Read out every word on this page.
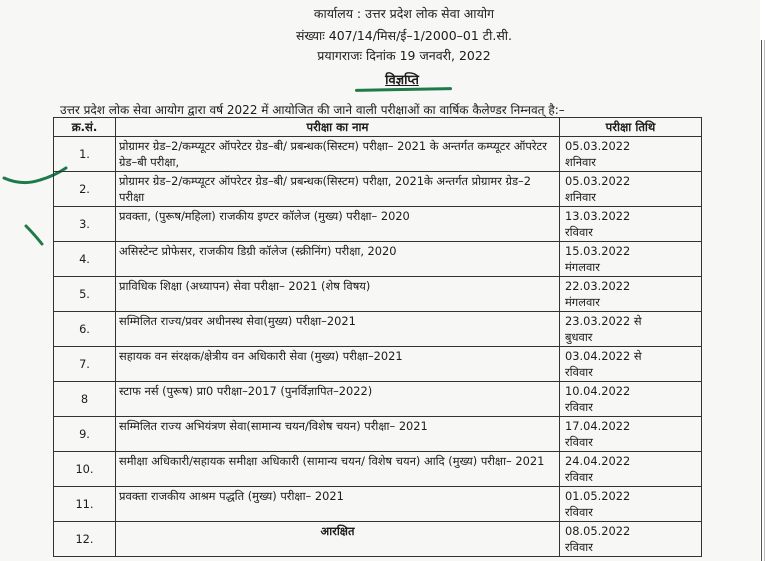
कार्यालय : उत्तर प्रदेश लोक सेवा आयोग
संख्याः 407/14/मिस/ई–1/2000–01 टी.सी.
प्रयागराजः दिनांक 19 जनवरी, 2022
विज्ञप्ति
उत्तर प्रदेश लोक सेवा आयोग द्वारा वर्ष 2022 में आयोजित की जाने वाली परीक्षाओं का वार्षिक कैलेण्डर निम्नवत् है:–
क्र.सं.	परीक्षा का नाम	परीक्षा तिथि
1.	प्रोग्रामर ग्रेड–2/कम्प्यूटर ऑपरेटर ग्रेड–बी/ प्रबन्धक(सिस्टम) परीक्षा– 2021 के अन्तर्गत कम्प्यूटर ऑपरेटर ग्रेड–बी परीक्षा,	05.03.2022
शनिवार

2.	प्रोग्रामर ग्रेड–2/कम्प्यूटर ऑपरेटर ग्रेड–बी/ प्रबन्धक(सिस्टम) परीक्षा, 2021के अन्तर्गत प्रोग्रामर ग्रेड–2 परीक्षा	05.03.2022
शनिवार

3.	प्रवक्ता, (पुरूष/महिला) राजकीय इण्टर कॉलेज (मुख्य) परीक्षा– 2020	13.03.2022
रविवार

4.	असिस्टेन्ट प्रोफेसर, राजकीय डिग्री कॉलेज (स्क्रीनिंग) परीक्षा, 2020	15.03.2022
मंगलवार

5.	प्राविधिक शिक्षा (अध्यापन) सेवा परीक्षा– 2021 (शेष विषय)	22.03.2022
मंगलवार

6.	सम्मिलित राज्य/प्रवर अधीनस्थ सेवा(मुख्य) परीक्षा–2021	23.03.2022 से
बुधवार

7.	सहायक वन संरक्षक/क्षेत्रीय वन अधिकारी सेवा (मुख्य) परीक्षा–2021	03.04.2022 से
रविवार

8	स्टाफ नर्स (पुरूष) प्रा0 परीक्षा–2017 (पुनर्विज्ञापित–2022)	10.04.2022
रविवार

9.	सम्मिलित राज्य अभियंत्रण सेवा(सामान्य चयन/विशेष चयन) परीक्षा– 2021	17.04.2022
रविवार

10.	समीक्षा अधिकारी/सहायक समीक्षा अधिकारी (सामान्य चयन/ विशेष चयन) आदि (मुख्य) परीक्षा– 2021	24.04.2022
रविवार

11.	प्रवक्ता राजकीय आश्रम पद्धति (मुख्य) परीक्षा– 2021	01.05.2022
रविवार

12.	आरक्षित	08.05.2022
रविवार
